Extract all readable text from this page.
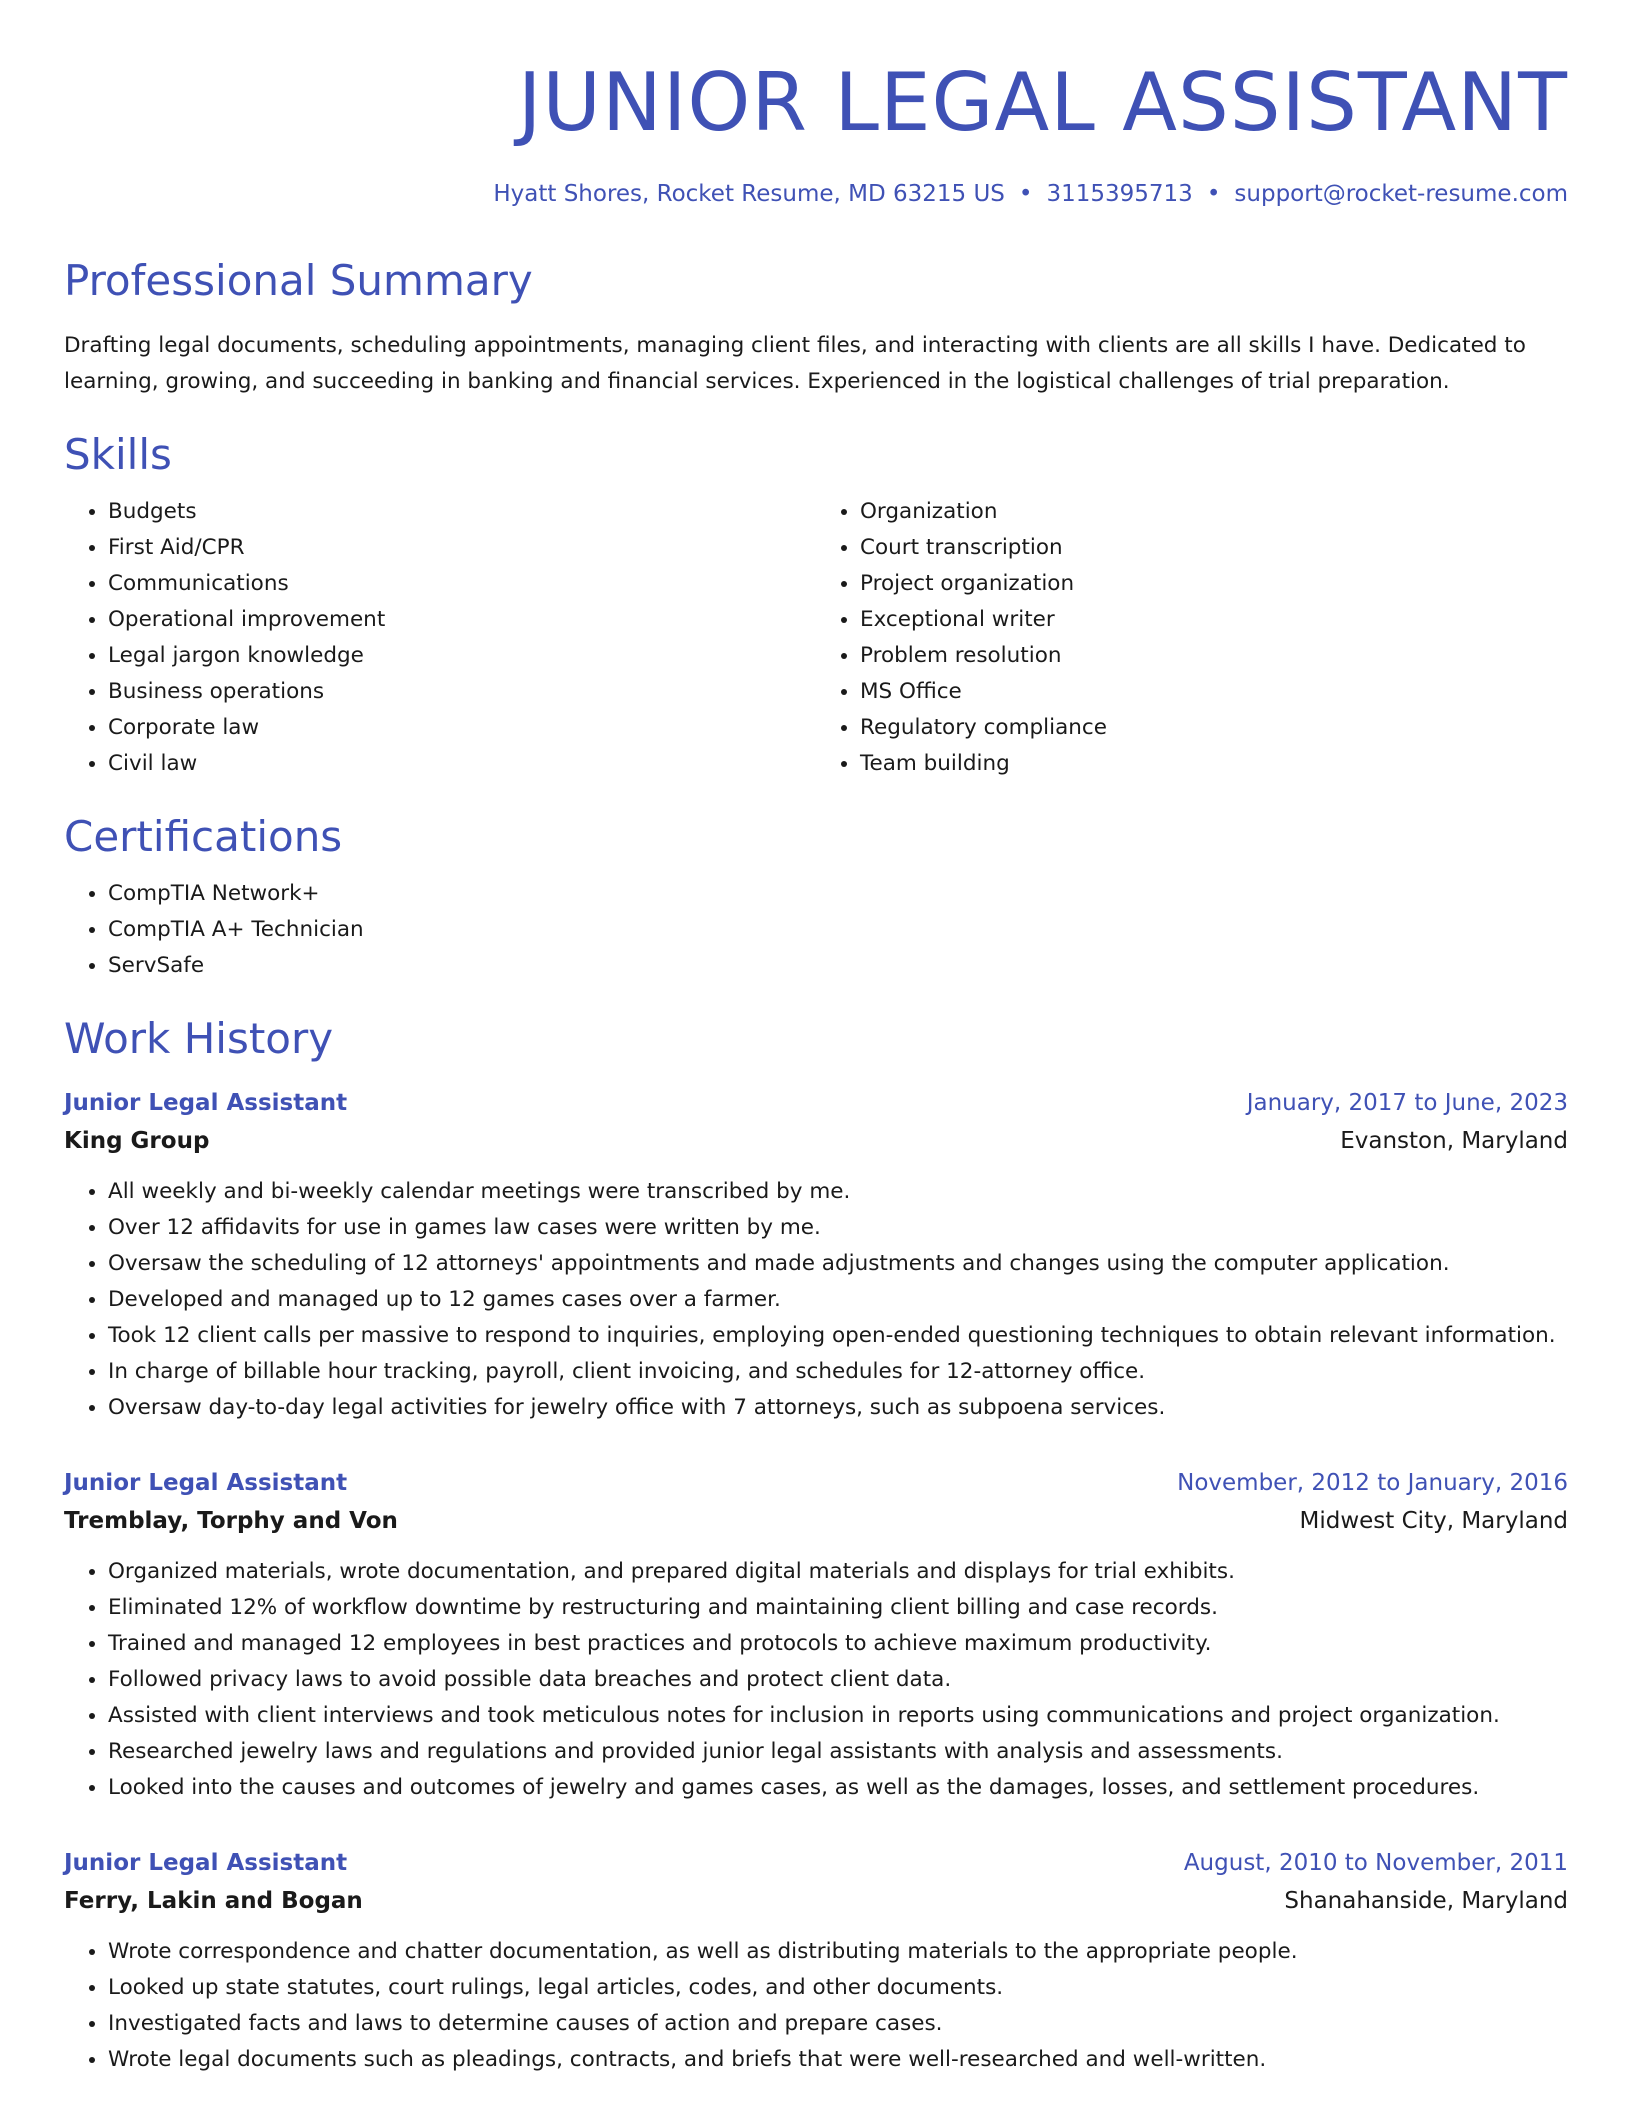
JUNIOR LEGAL ASSISTANT
Hyatt Shores, Rocket Resume, MD 63215 US • 3115395713 • support@rocket-resume.com
Professional Summary

Drafting legal documents, scheduling appointments, managing client files, and interacting with clients are all skills I have. Dedicated to learning, growing, and succeeding in banking and financial services. Experienced in the logistical challenges of trial preparation.

Skills
• Budgets
• First Aid/CPR
• Communications
• Operational improvement
• Legal jargon knowledge
• Business operations
• Corporate law
• Civil law
• Organization
• Court transcription
• Project organization
• Exceptional writer
• Problem resolution
• MS Office
• Regulatory compliance
• Team building
Certifications
• CompTIA Network+
• CompTIA A+ Technician
• ServSafe
Work History
Junior Legal Assistant	January, 2017 to June, 2023
King Group	Evanston, Maryland
• All weekly and bi-weekly calendar meetings were transcribed by me.
• Over 12 affidavits for use in games law cases were written by me.
• Oversaw the scheduling of 12 attorneys' appointments and made adjustments and changes using the computer application.
• Developed and managed up to 12 games cases over a farmer.
• Took 12 client calls per massive to respond to inquiries, employing open-ended questioning techniques to obtain relevant information.
• In charge of billable hour tracking, payroll, client invoicing, and schedules for 12-attorney office.
• Oversaw day-to-day legal activities for jewelry office with 7 attorneys, such as subpoena services.
Junior Legal Assistant	November, 2012 to January, 2016
Tremblay, Torphy and Von	Midwest City, Maryland
• Organized materials, wrote documentation, and prepared digital materials and displays for trial exhibits.
• Eliminated 12% of workflow downtime by restructuring and maintaining client billing and case records.
• Trained and managed 12 employees in best practices and protocols to achieve maximum productivity.
• Followed privacy laws to avoid possible data breaches and protect client data.
• Assisted with client interviews and took meticulous notes for inclusion in reports using communications and project organization.
• Researched jewelry laws and regulations and provided junior legal assistants with analysis and assessments.
• Looked into the causes and outcomes of jewelry and games cases, as well as the damages, losses, and settlement procedures.
Junior Legal Assistant	August, 2010 to November, 2011
Ferry, Lakin and Bogan	Shanahanside, Maryland
• Wrote correspondence and chatter documentation, as well as distributing materials to the appropriate people.
• Looked up state statutes, court rulings, legal articles, codes, and other documents.
• Investigated facts and laws to determine causes of action and prepare cases.
• Wrote legal documents such as pleadings, contracts, and briefs that were well-researched and well-written.
